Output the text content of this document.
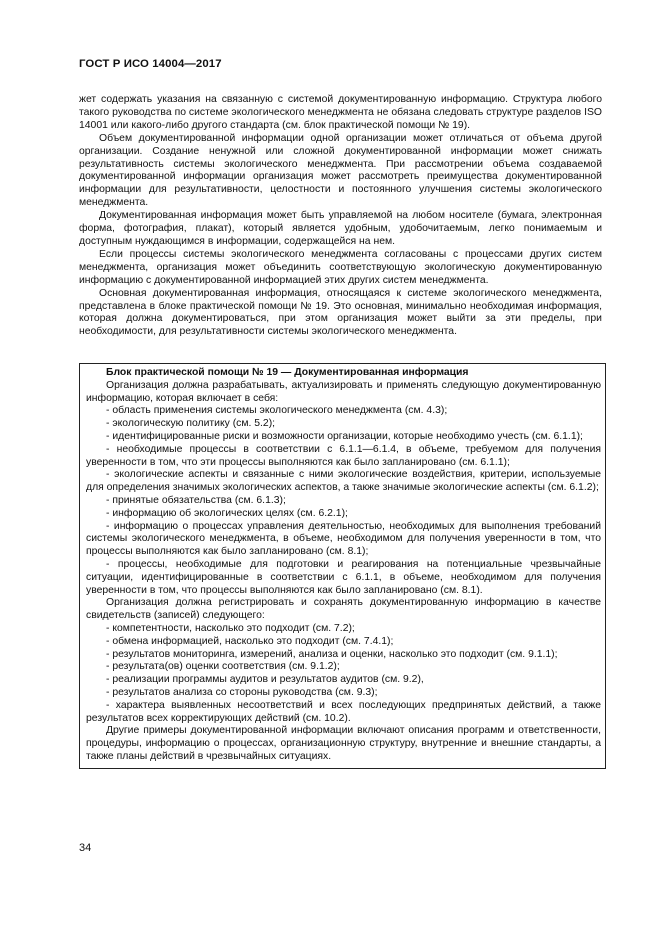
ГОСТ Р ИСО 14004—2017

жет содержать указания на связанную с системой документированную информацию. Структура любого такого руководства по системе экологического менеджмента не обязана следовать структуре разделов ISO 14001 или какого-либо другого стандарта (см. блок практической помощи № 19).

Объем документированной информации одной организации может отличаться от объема другой организации. Создание ненужной или сложной документированной информации может снижать результативность системы экологического менеджмента. При рассмотрении объема создаваемой документированной информации организация может рассмотреть преимущества документированной информации для результативности, целостности и постоянного улучшения системы экологического менеджмента.

Документированная информация может быть управляемой на любом носителе (бумага, электронная форма, фотография, плакат), который является удобным, удобочитаемым, легко понимаемым и доступным нуждающимся в информации, содержащейся на нем.

Если процессы системы экологического менеджмента согласованы с процессами других систем менеджмента, организация может объединить соответствующую экологическую документированную информацию с документированной информацией этих других систем менеджмента.

Основная документированная информация, относящаяся к системе экологического менеджмента, представлена в блоке практической помощи № 19. Это основная, минимально необходимая информация, которая должна документироваться, при этом организация может выйти за эти пределы, при необходимости, для результативности системы экологического менеджмента.

Блок практической помощи № 19 — Документированная информация

Организация должна разрабатывать, актуализировать и применять следующую документированную информацию, которая включает в себя:

- область применения системы экологического менеджмента (см. 4.3);

- экологическую политику (см. 5.2);

- идентифицированные риски и возможности организации, которые необходимо учесть (см. 6.1.1);

- необходимые процессы в соответствии с 6.1.1—6.1.4, в объеме, требуемом для получения уверенности в том, что эти процессы выполняются как было запланировано (см. 6.1.1);

- экологические аспекты и связанные с ними экологические воздействия, критерии, используемые для определения значимых экологических аспектов, а также значимые экологические аспекты (см. 6.1.2);

- принятые обязательства (см. 6.1.3);

- информацию об экологических целях (см. 6.2.1);

- информацию о процессах управления деятельностью, необходимых для выполнения требований системы экологического менеджмента, в объеме, необходимом для получения уверенности в том, что процессы выполняются как было запланировано (см. 8.1);

- процессы, необходимые для подготовки и реагирования на потенциальные чрезвычайные ситуации, идентифицированные в соответствии с 6.1.1, в объеме, необходимом для получения уверенности в том, что процессы выполняются как было запланировано (см. 8.1).

Организация должна регистрировать и сохранять документированную информацию в качестве свидетельств (записей) следующего:

- компетентности, насколько это подходит (см. 7.2);

- обмена информацией, насколько это подходит (см. 7.4.1);

- результатов мониторинга, измерений, анализа и оценки, насколько это подходит (см. 9.1.1);

- результата(ов) оценки соответствия (см. 9.1.2);

- реализации программы аудитов и результатов аудитов (см. 9.2),

- результатов анализа со стороны руководства (см. 9.3);

- характера выявленных несоответствий и всех последующих предпринятых действий, а также результатов всех корректирующих действий (см. 10.2).

Другие примеры документированной информации включают описания программ и ответственности, процедуры, информацию о процессах, организационную структуру, внутренние и внешние стандарты, а также планы действий в чрезвычайных ситуациях.

34
